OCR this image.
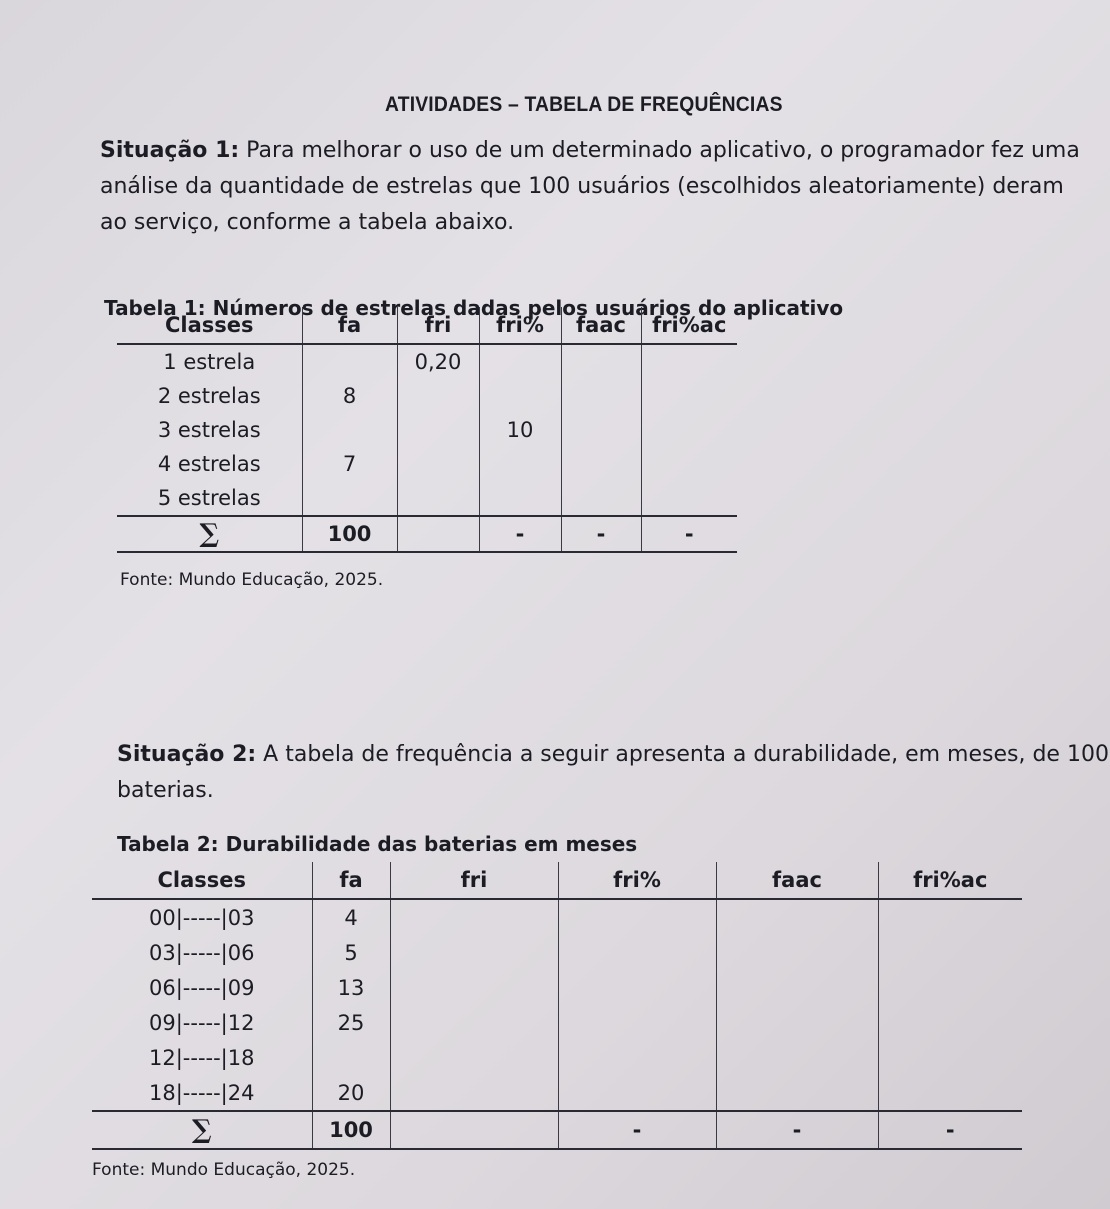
ATIVIDADES – TABELA DE FREQUÊNCIAS
Situação 1: Para melhorar o uso de um determinado aplicativo, o programador fez uma
análise da quantidade de estrelas que 100 usuários (escolhidos aleatoriamente) deram
ao serviço, conforme a tabela abaixo.
Tabela 1: Números de estrelas dadas pelos usuários do aplicativo
Classes	fa	fri	fri%	faac	fri%ac
1 estrela		0,20			
2 estrelas	8				
3 estrelas			10		
4 estrelas	7				
5 estrelas					
∑	100		-	-	-
Fonte: Mundo Educação, 2025.
Situação 2: A tabela de frequência a seguir apresenta a durabilidade, em meses, de 100
baterias.
Tabela 2: Durabilidade das baterias em meses
Classes	fa	fri	fri%	faac	fri%ac
00|-----|03	4				
03|-----|06	5				
06|-----|09	13				
09|-----|12	25				
12|-----|18					
18|-----|24	20				
∑	100		-	-	-
Fonte: Mundo Educação, 2025.
